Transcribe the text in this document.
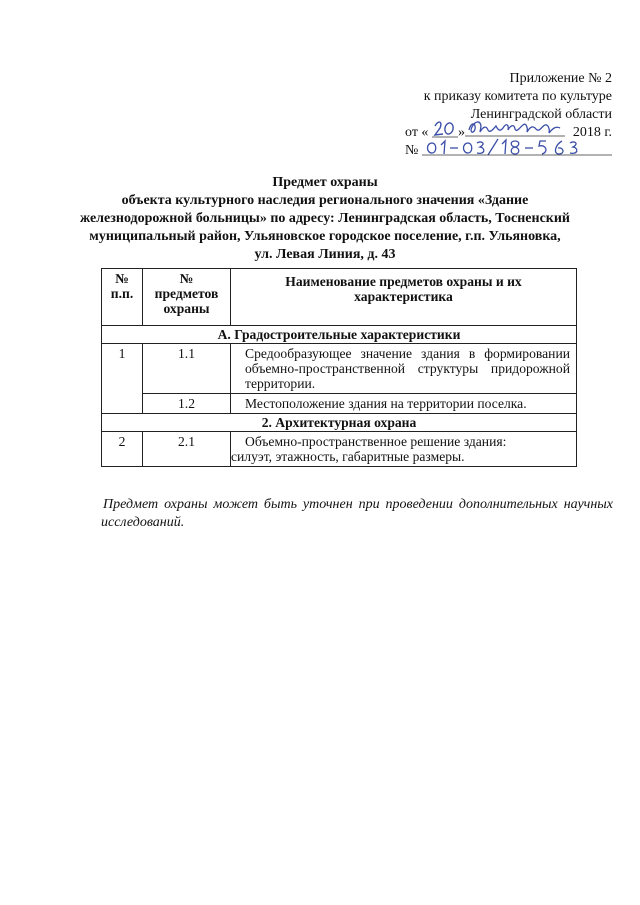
Приложение № 2
к приказу комитета по культуре
Ленинградской области
от « »	2018 г.
№
Предмет охраны
объекта культурного наследия регионального значения «Здание
железнодорожной больницы» по адресу: Ленинградская область, Тосненский
муниципальный район, Ульяновское городское поселение, г.п. Ульяновка,
ул. Левая Линия, д. 43
№ п.п.	№ предметов охраны	Наименование предметов охраны и их характеристика
А. Градостроительные характеристики		
1	1.1	Средообразующее значение здания в формировании объемно-пространственной структуры придорожной территории.
	1.2	Местоположение здания на территории поселка.
2. Архитектурная охрана		
2	2.1	Объемно-пространственное решение здания:
силуэт, этажность, габаритные размеры.
Предмет охраны может быть уточнен при проведении дополнительных научных исследований.
